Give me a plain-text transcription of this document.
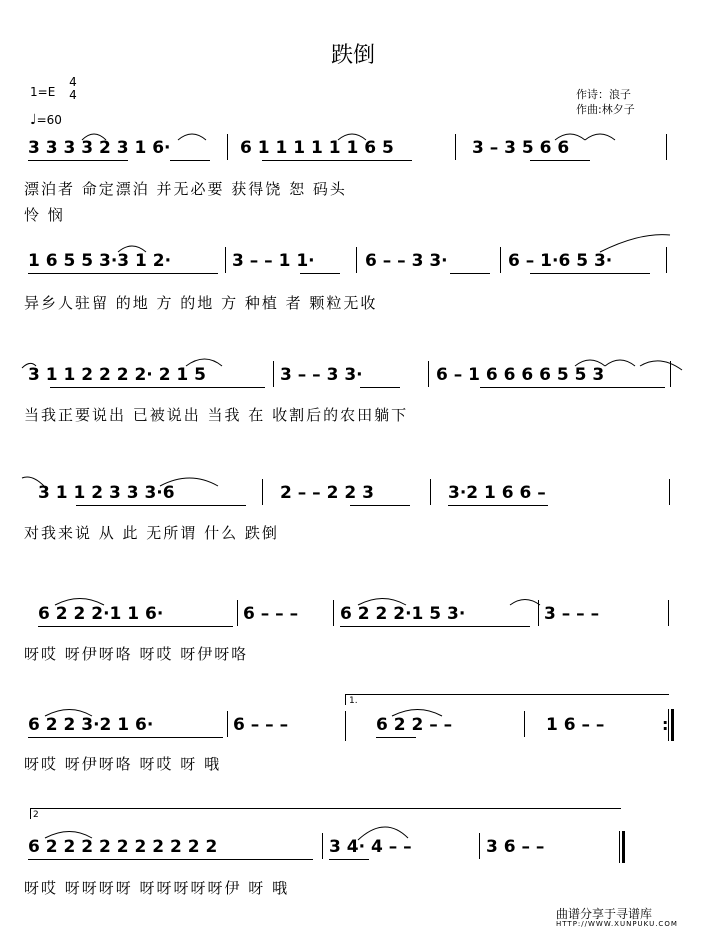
跌倒
1=E
4
4
♩=60
作诗：浪子
作曲:林夕子
3 3 3 3 2 3 1 6·	6 1 1 1 1 1 1 6 5	3 – 3 5 6 6
1 6 5 5 3·3 1 2·	3 – – 1 1·	6 – – 3 3·	6 – 1·6 5 3·
3 1 1 2 2 2 2· 2 1 5	3 – – 3 3·	6 – 1 6 6 6 6 5 5 3
3 1 1 2 3 3 3·6	2 – – 2 2 3	3·2 1 6 6 –
6 2 2 2·1 1 6·	6 – – – 6 2 2 2·1 5 3·	3 – – –
1.
6 2 2 3·2 1 6·	6 – – –	6 2 2 – –	1 6 – –	:
2
6 2 2 2 2 2 2 2 2 2 2	3 4· 4 – –	3 6 – –
漂泊者 命定漂泊 并无必要 获得饶 恕 码头
怜 悯
异乡人驻留 的地 方 的地 方 种植 者 颗粒无收
当我正要说出 已被说出 当我 在 收割后的农田躺下
对我来说 从 此 无所谓 什么 跌倒
呀哎 呀伊呀咯 呀哎 呀伊呀咯
呀哎 呀伊呀咯 呀哎 呀 哦
呀哎 呀呀呀呀 呀呀呀呀呀伊 呀 哦
曲谱分享于寻谱库
HTTP://WWW.XUNPUKU.COM
